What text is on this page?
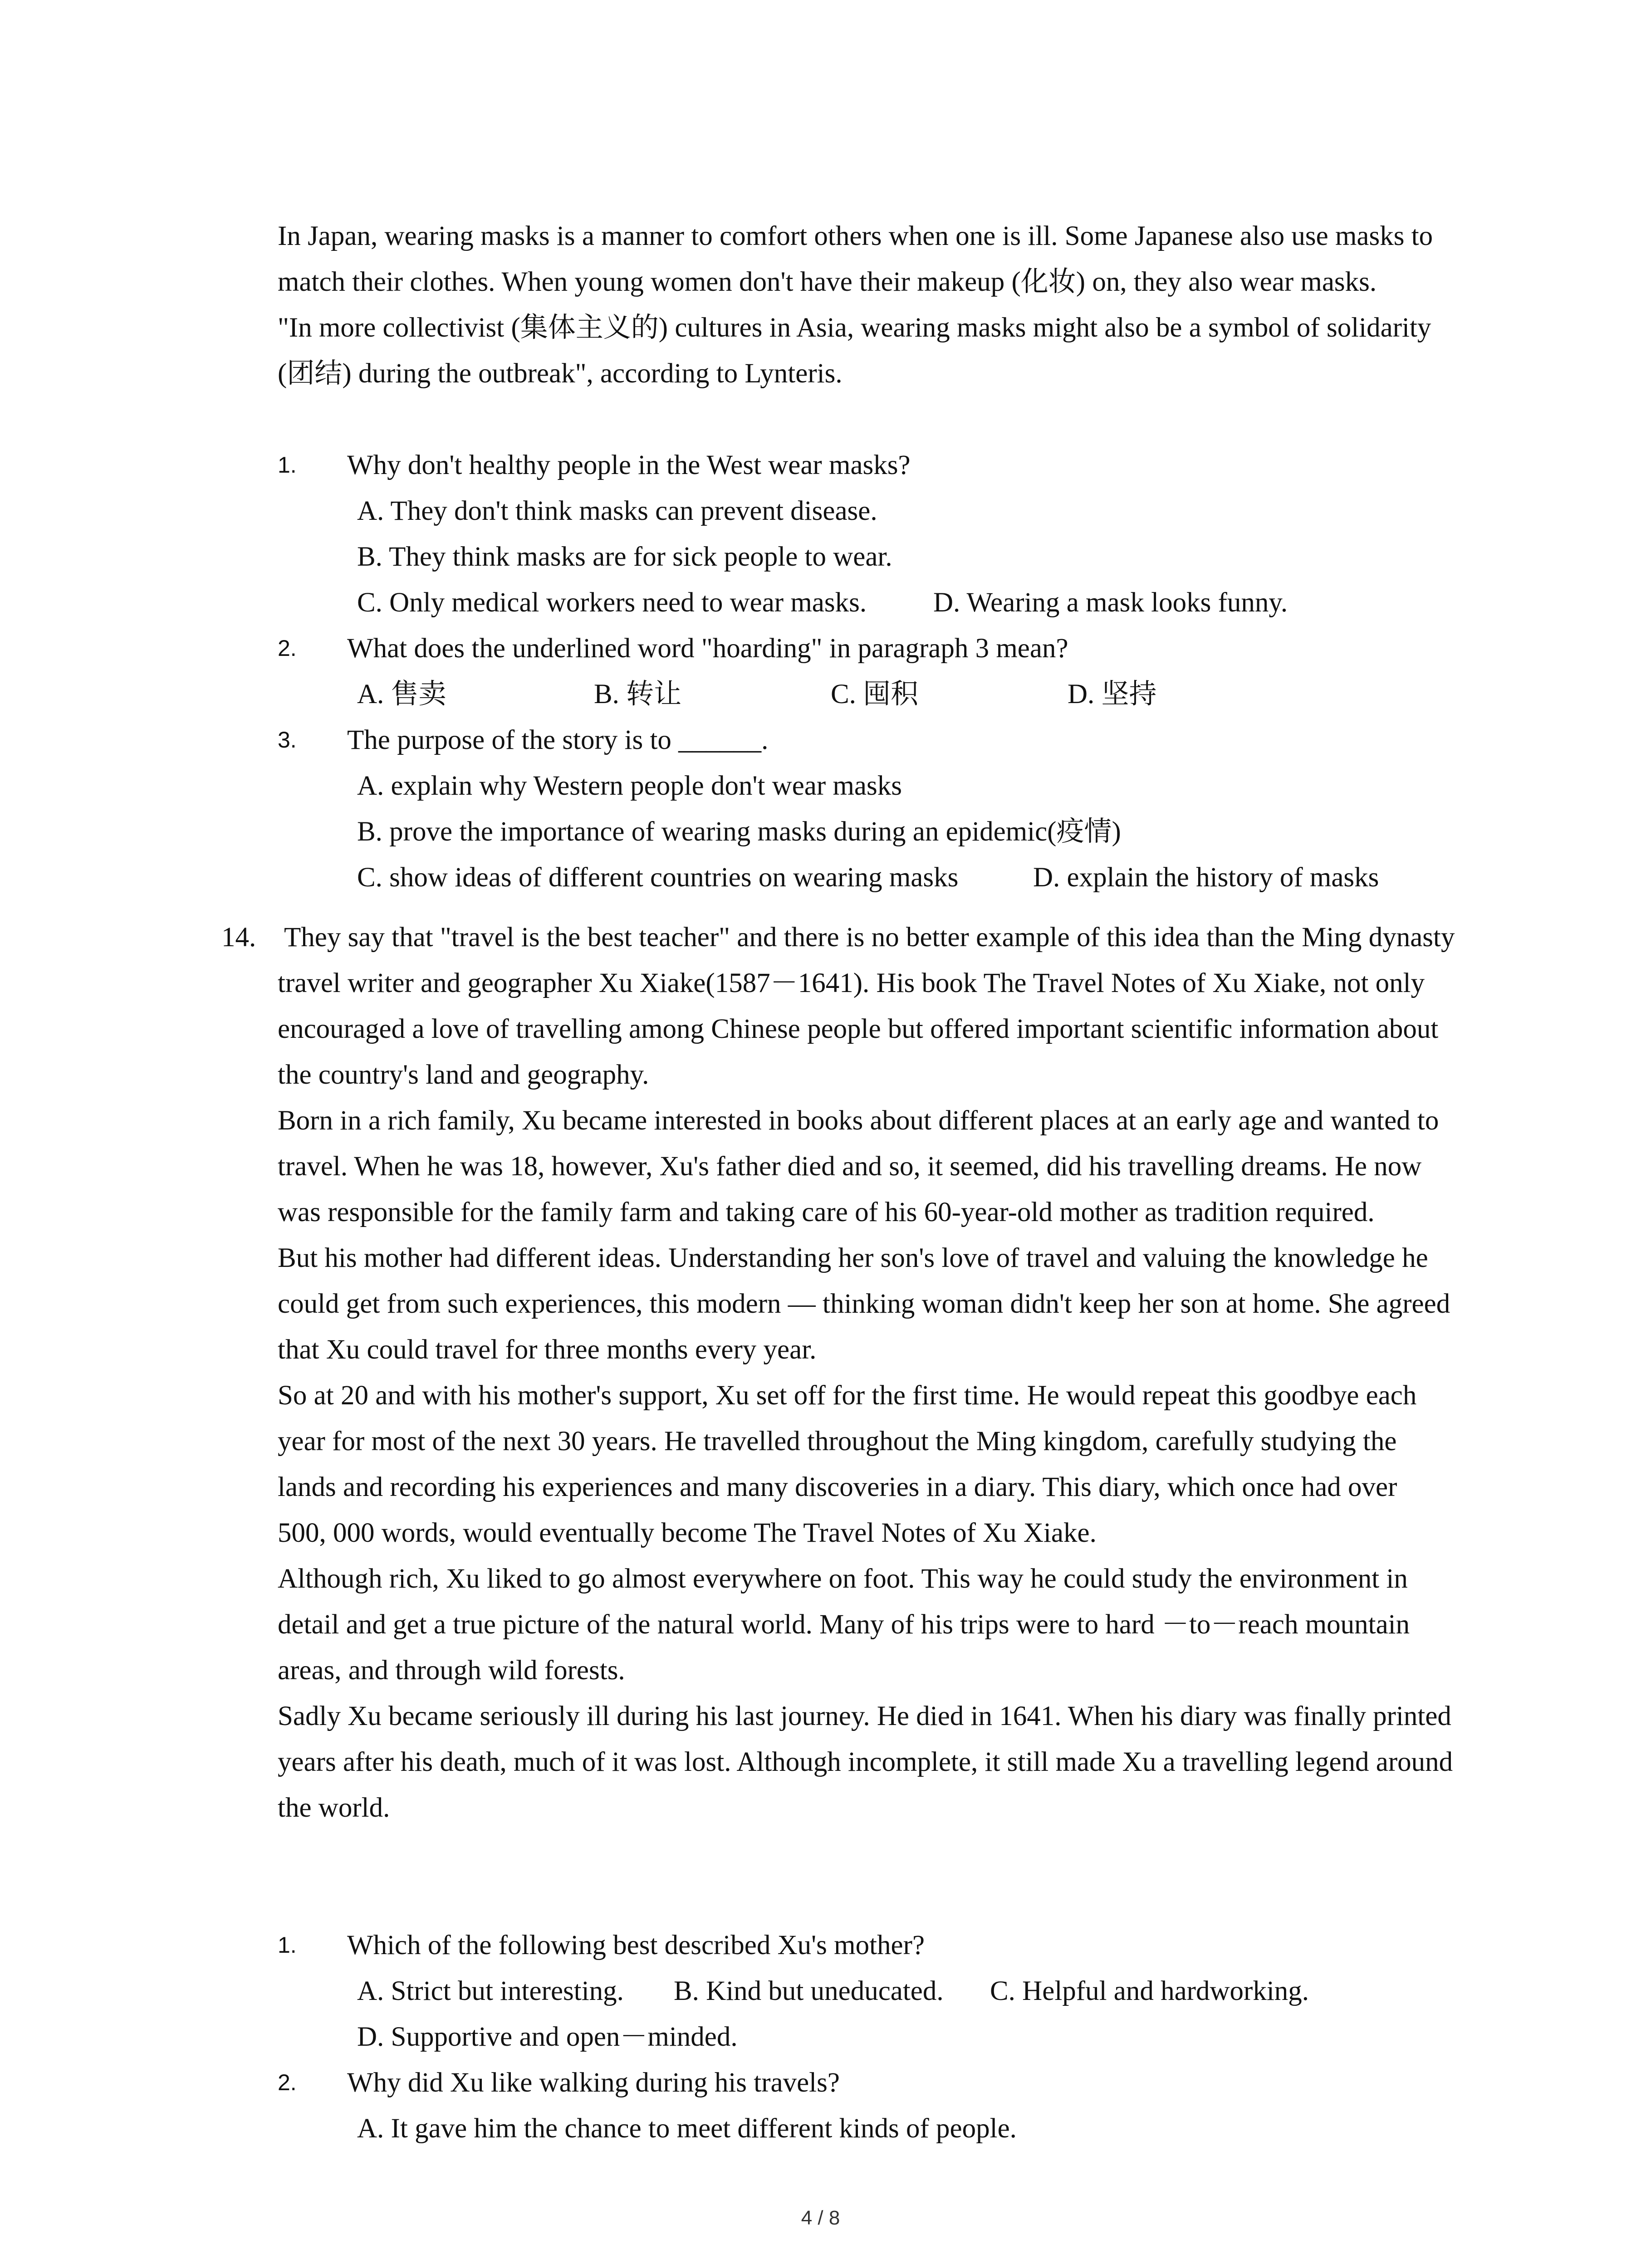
In Japan, wearing masks is a manner to comfort others when one is ill. Some Japanese also use masks to match their clothes. When young women don't have their makeup (化妆) on, they also wear masks.

"In more collectivist (集体主义的) cultures in Asia, wearing masks might also be a symbol of solidarity (团结) during the outbreak", according to Lynteris.

1. Why don't healthy people in the West wear masks?
A. They don't think masks can prevent disease.
B. They think masks are for sick people to wear.
C. Only medical workers need to wear masks. D. Wearing a mask looks funny.
2. What does the underlined word "hoarding" in paragraph 3 mean?
A. 售卖	B. 转让	C. 囤积	D. 坚持
3. The purpose of the story is to ______.
A. explain why Western people don't wear masks
B. prove the importance of wearing masks during an epidemic(疫情)
C. show ideas of different countries on wearing masks	D. explain the history of masks
14. They say that "travel is the best teacher" and there is no better example of this idea than the Ming dynasty travel writer and geographer Xu Xiake(1587－1641). His book The Travel Notes of Xu Xiake, not only encouraged a love of travelling among Chinese people but offered important scientific information about the country's land and geography.

Born in a rich family, Xu became interested in books about different places at an early age and wanted to travel. When he was 18, however, Xu's father died and so, it seemed, did his travelling dreams. He now was responsible for the family farm and taking care of his 60-year-old mother as tradition required.

But his mother had different ideas. Understanding her son's love of travel and valuing the knowledge he could get from such experiences, this modern — thinking woman didn't keep her son at home. She agreed that Xu could travel for three months every year.

So at 20 and with his mother's support, Xu set off for the first time. He would repeat this goodbye each year for most of the next 30 years. He travelled throughout the Ming kingdom, carefully studying the lands and recording his experiences and many discoveries in a diary. This diary, which once had over 500, 000 words, would eventually become The Travel Notes of Xu Xiake.

Although rich, Xu liked to go almost everywhere on foot. This way he could study the environment in detail and get a true picture of the natural world. Many of his trips were to hard －to－reach mountain areas, and through wild forests.

Sadly Xu became seriously ill during his last journey. He died in 1641. When his diary was finally printed years after his death, much of it was lost. Although incomplete, it still made Xu a travelling legend around the world.

1. Which of the following best described Xu's mother?
A. Strict but interesting. B. Kind but uneducated. C. Helpful and hardworking.
D. Supportive and open－minded.
2. Why did Xu like walking during his travels?
A. It gave him the chance to meet different kinds of people.
4 / 8
